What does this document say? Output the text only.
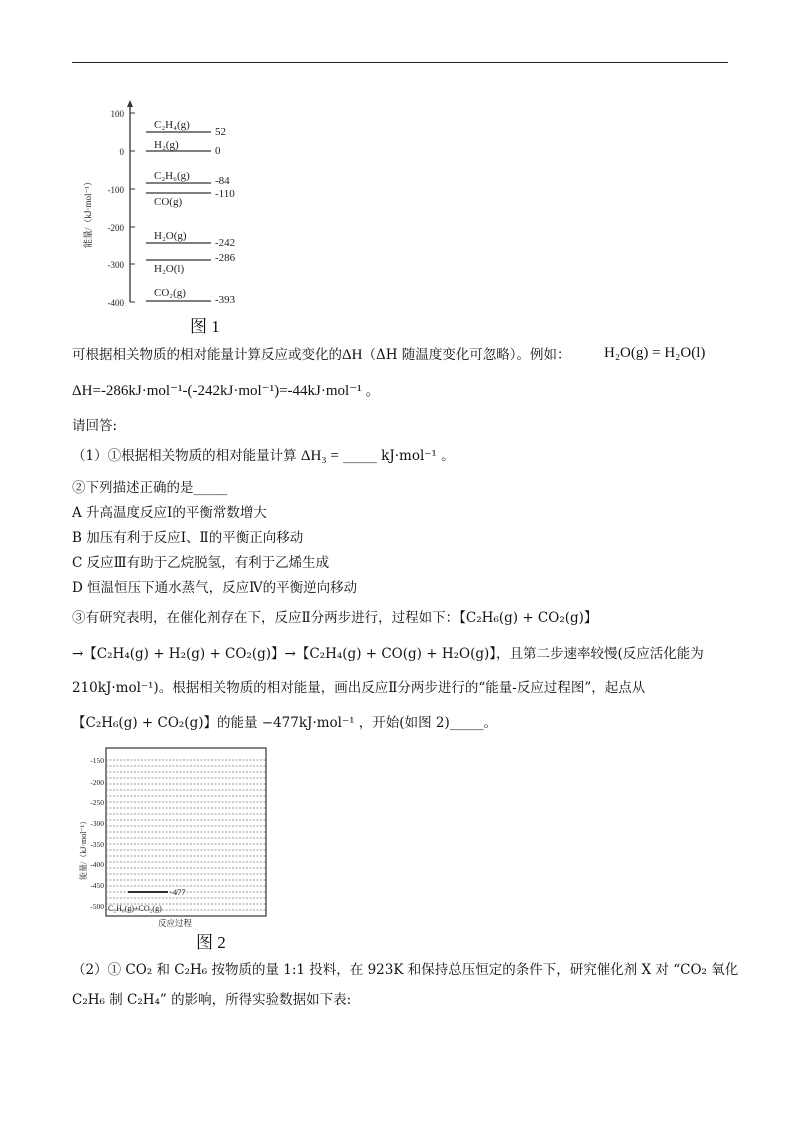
100
0
-100
-200
-300
-400
能量/（kJ·mol⁻¹）
C₂H₄(g)
H₂(g)
C₂H₆(g)
CO(g)
H₂O(g)
H₂O(l)
CO₂(g)
52
0
-84
-110
-242
-286
-393
图 1
可根据相关物质的相对能量计算反应或变化的ΔH（ΔH 随温度变化可忽略）。例如： H₂O(g) = H₂O(l)
ΔH=-286kJ·mol⁻¹-(-242kJ·mol⁻¹)=-44kJ·mol⁻¹ 。
请回答:
（1）①根据相关物质的相对能量计算 ΔH₃ = _____ kJ·mol⁻¹ 。
②下列描述正确的是_____
A 升高温度反应Ⅰ的平衡常数增大
B 加压有利于反应Ⅰ、Ⅱ的平衡正向移动
C 反应Ⅲ有助于乙烷脱氢，有利于乙烯生成
D 恒温恒压下通水蒸气，反应Ⅳ的平衡逆向移动
③有研究表明，在催化剂存在下，反应Ⅱ分两步进行，过程如下：【C₂H₆(g) + CO₂(g)】
→【C₂H₄(g) + H₂(g) + CO₂(g)】→【C₂H₄(g) + CO(g) + H₂O(g)】，且第二步速率较慢(反应活化能为
210kJ·mol⁻¹)。根据相关物质的相对能量，画出反应Ⅱ分两步进行的“能量-反应过程图”，起点从
【C₂H₆(g) + CO₂(g)】的能量 −477kJ·mol⁻¹ ，开始(如图 2)_____。
-150
-200
-250
-300
-350
-400
-450
-500
能量/（kJ·mol⁻¹）
-477
C₂H₆(g)+CO₂(g)
反应过程
图 2
（2）① CO₂ 和 C₂H₆ 按物质的量 1:1 投料，在 923K 和保持总压恒定的条件下，研究催化剂 X 对 “CO₂ 氧化
C₂H₆ 制 C₂H₄” 的影响，所得实验数据如下表:
